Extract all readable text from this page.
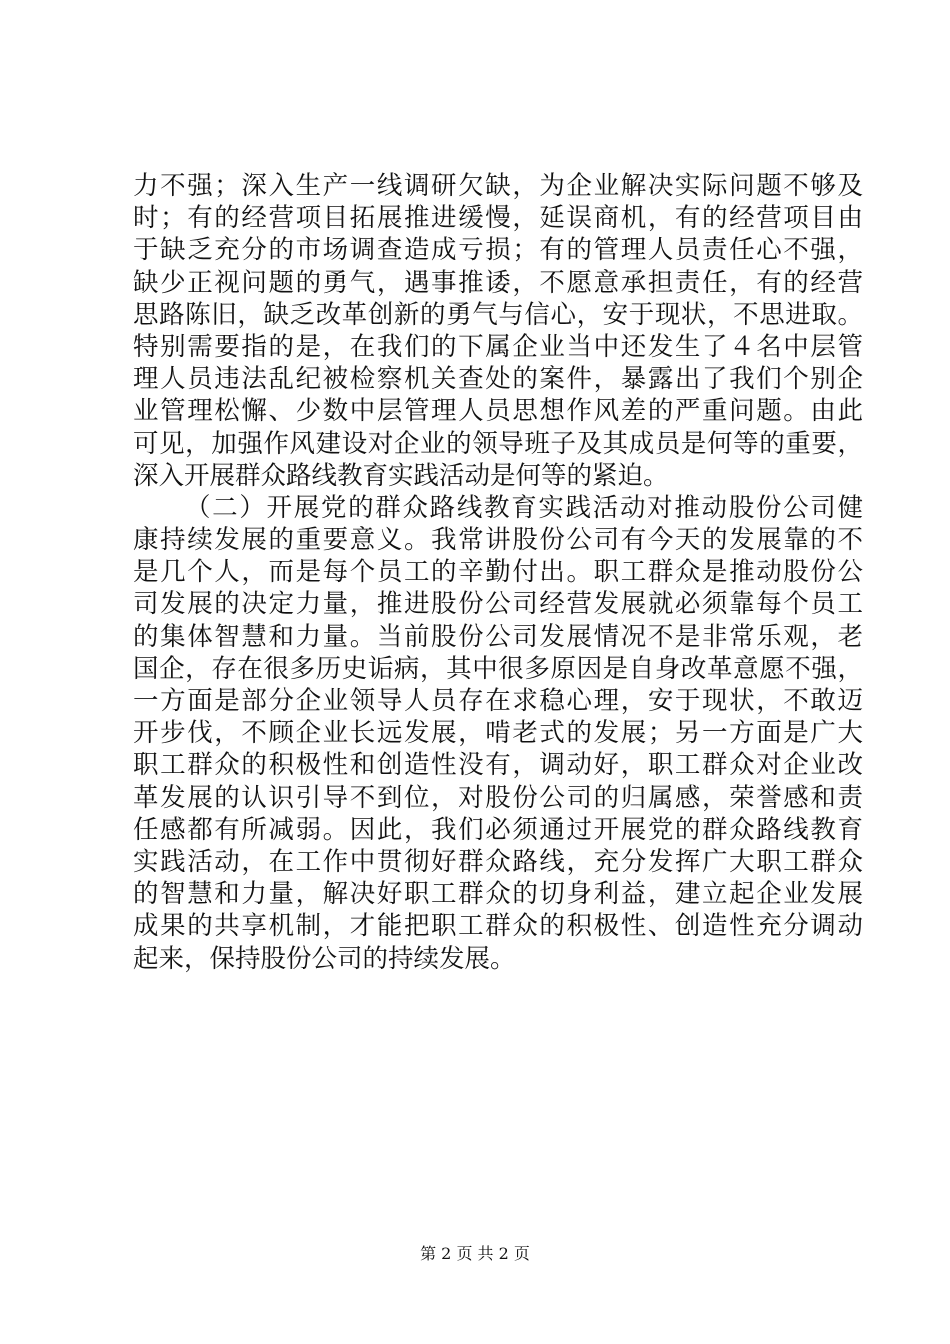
力不强；深入生产一线调研欠缺，为企业解决实际问题不够及
时；有的经营项目拓展推进缓慢，延误商机，有的经营项目由
于缺乏充分的市场调查造成亏损；有的管理人员责任心不强，
缺少正视问题的勇气，遇事推诿，不愿意承担责任，有的经营
思路陈旧，缺乏改革创新的勇气与信心，安于现状，不思进取。
特别需要指的是，在我们的下属企业当中还发生了４名中层管
理人员违法乱纪被检察机关查处的案件，暴露出了我们个别企
业管理松懈、少数中层管理人员思想作风差的严重问题。由此
可见，加强作风建设对企业的领导班子及其成员是何等的重要，
深入开展群众路线教育实践活动是何等的紧迫。
（二）开展党的群众路线教育实践活动对推动股份公司健
康持续发展的重要意义。我常讲股份公司有今天的发展靠的不
是几个人，而是每个员工的辛勤付出。职工群众是推动股份公
司发展的决定力量，推进股份公司经营发展就必须靠每个员工
的集体智慧和力量。当前股份公司发展情况不是非常乐观，老
国企，存在很多历史诟病，其中很多原因是自身改革意愿不强，
一方面是部分企业领导人员存在求稳心理，安于现状，不敢迈
开步伐，不顾企业长远发展，啃老式的发展；另一方面是广大
职工群众的积极性和创造性没有，调动好，职工群众对企业改
革发展的认识引导不到位，对股份公司的归属感，荣誉感和责
任感都有所减弱。因此，我们必须通过开展党的群众路线教育
实践活动，在工作中贯彻好群众路线，充分发挥广大职工群众
的智慧和力量，解决好职工群众的切身利益，建立起企业发展
成果的共享机制，才能把职工群众的积极性、创造性充分调动
起来，保持股份公司的持续发展。
第 2 页 共 2 页
